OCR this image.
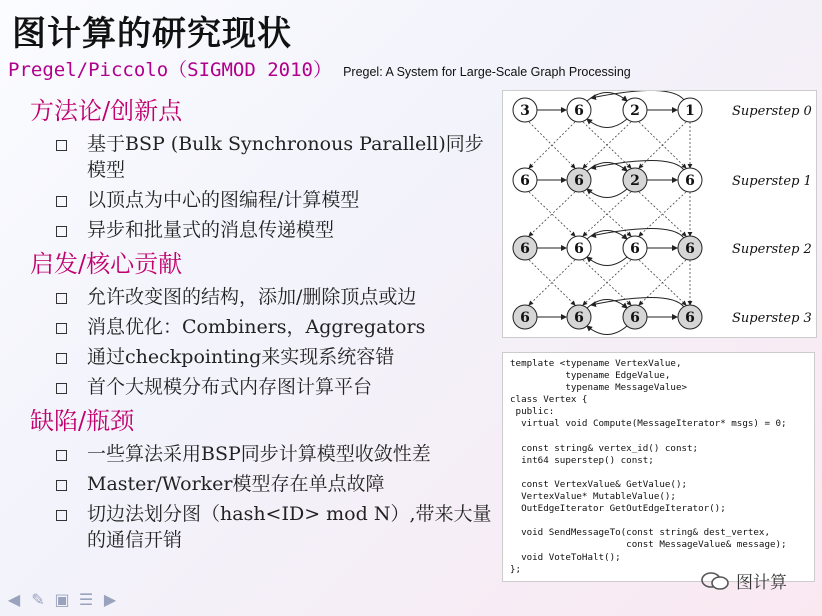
图计算的研究现状
Pregel/Piccolo（SIGMOD 2010） Pregel: A System for Large-Scale Graph Processing
方法论/创新点
基于BSP (Bulk Synchronous Parallell)同步模型
以顶点为中心的图编程/计算模型
异步和批量式的消息传递模型
启发/核心贡献
允许改变图的结构，添加/删除顶点或边
消息优化：Combiners，Aggregators
通过checkpointing来实现系统容错
首个大规模分布式内存图计算平台
缺陷/瓶颈
一些算法采用BSP同步计算模型收敛性差
Master/Worker模型存在单点故障
切边法划分图（hash<ID> mod N）,带来大量的通信开销
3	6	2	1	Superstep 0
6	6	2	6	Superstep 1
6	6	6	6	Superstep 2
6	6	6	6	Superstep 3
template <typename VertexValue,
typename EdgeValue,
typename MessageValue>
class Vertex {
public:
virtual void Compute(MessageIterator* msgs) = 0;

const string& vertex_id() const;
int64 superstep() const;

const VertexValue& GetValue();
VertexValue* MutableValue();
OutEdgeIterator GetOutEdgeIterator();

void SendMessageTo(const string& dest_vertex,
const MessageValue& message);
void VoteToHalt();
};
◀ ✎ ▣ ☰ ▶
图计算
